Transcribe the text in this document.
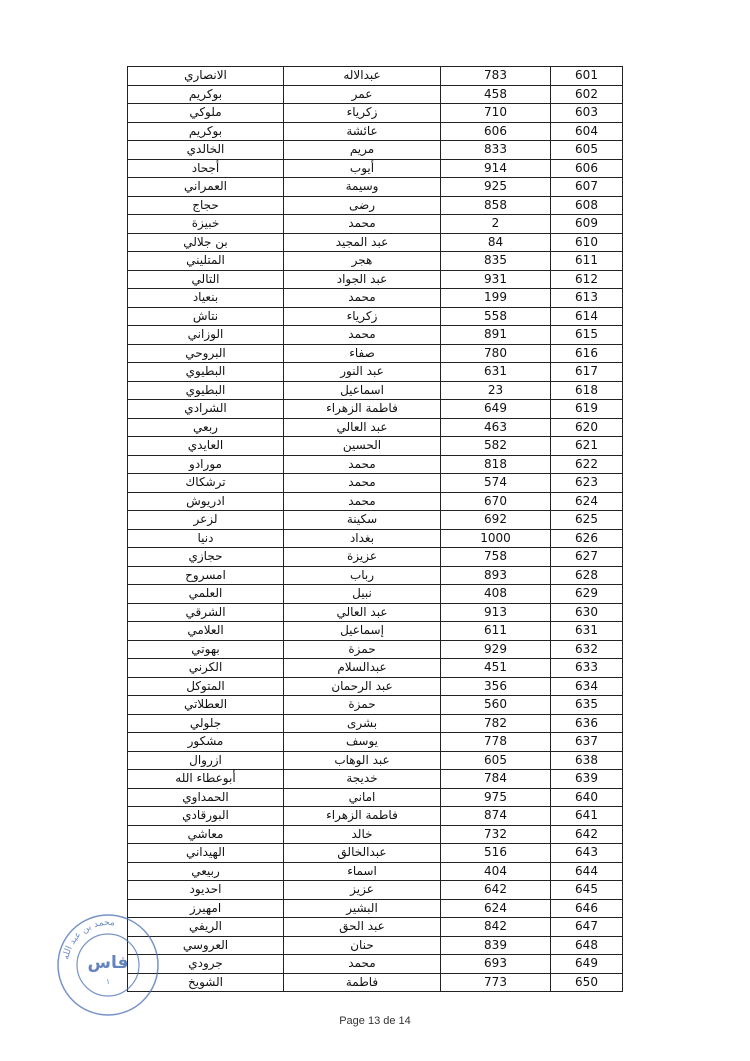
الانصاري	عبدالاله	783	601
بوكريم	عمر	458	602
ملوكي	زكرياء	710	603
بوكريم	عائشة	606	604
الخالدي	مريم	833	605
أجحاد	أيوب	914	606
العمراني	وسيمة	925	607
حجاج	رضى	858	608
خبيزة	محمد	2	609
بن جلالي	عبد المجيد	84	610
المتليني	هجر	835	611
التالي	عبد الجواد	931	612
بنعياد	محمد	199	613
نتاش	زكرياء	558	614
الوزاني	محمد	891	615
البروحي	صفاء	780	616
البطيوي	عبد النور	631	617
البطيوي	اسماعيل	23	618
الشرادي	فاطمة الزهراء	649	619
ربعي	عبد العالي	463	620
العايدي	الحسين	582	621
مورادو	محمد	818	622
ترشكاك	محمد	574	623
ادريوش	محمد	670	624
لزعر	سكينة	692	625
دنيا	بغداد	1000	626
حجازي	عزيزة	758	627
امسروح	رباب	893	628
العلمي	نبيل	408	629
الشرقي	عبد العالي	913	630
العلامي	إسماعيل	611	631
بهوتي	حمزة	929	632
الكرني	عبدالسلام	451	633
المتوكل	عبد الرحمان	356	634
العطلاتي	حمزة	560	635
جلولي	بشرى	782	636
مشكور	يوسف	778	637
ازروال	عبد الوهاب	605	638
أبوعطاء الله	خديجة	784	639
الحمداوي	اماني	975	640
البورقادي	فاطمة الزهراء	874	641
معاشي	خالد	732	642
الهيداني	عبدالخالق	516	643
ربيعي	اسماء	404	644
احديود	عزيز	642	645
امهيرز	البشير	624	646
الريفي	عبد الحق	842	647
العروسي	حنان	839	648
جرودي	محمد	693	649
الشويخ	فاطمة	773	650
محمد بن عبد الله
فاس
١
Page 13 de 14
